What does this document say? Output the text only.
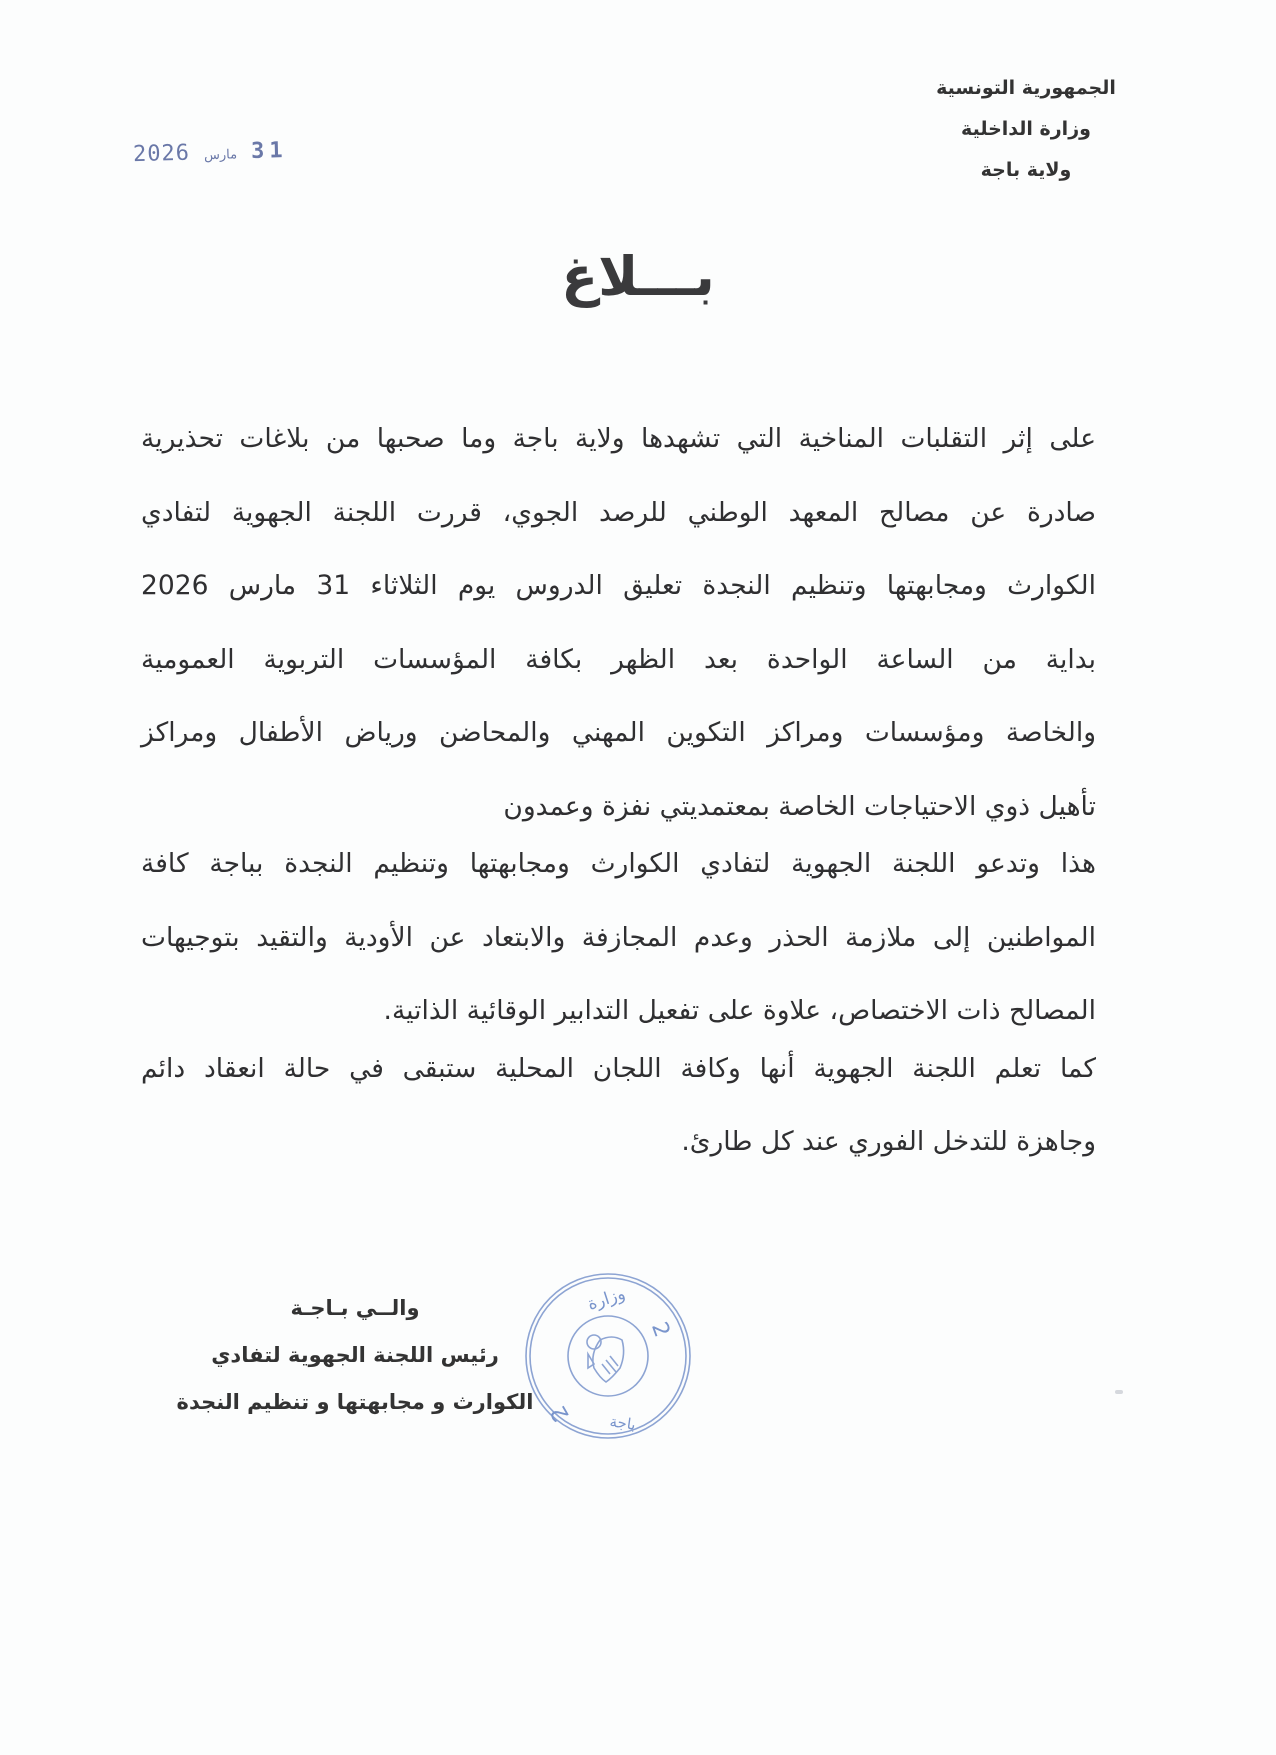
الجمهورية التونسية
وزارة الداخلية
ولاية باجة
2026 مارس 31
بـــلاغ
على إثر التقلبات المناخية التي تشهدها ولاية باجة وما صحبها من بلاغات تحذيرية
صادرة عن مصالح المعهد الوطني للرصد الجوي، قررت اللجنة الجهوية لتفادي
الكوارث ومجابهتها وتنظيم النجدة تعليق الدروس يوم الثلاثاء 31 مارس 2026
بداية من الساعة الواحدة بعد الظهر بكافة المؤسسات التربوية العمومية
والخاصة ومؤسسات ومراكز التكوين المهني والمحاضن ورياض الأطفال ومراكز
تأهيل ذوي الاحتياجات الخاصة بمعتمديتي نفزة وعمدون
هذا وتدعو اللجنة الجهوية لتفادي الكوارث ومجابهتها وتنظيم النجدة بباجة كافة
المواطنين إلى ملازمة الحذر وعدم المجازفة والابتعاد عن الأودية والتقيد بتوجيهات
المصالح ذات الاختصاص، علاوة على تفعيل التدابير الوقائية الذاتية.
كما تعلم اللجنة الجهوية أنها وكافة اللجان المحلية ستبقى في حالة انعقاد دائم
وجاهزة للتدخل الفوري عند كل طارئ.
والــي بـاجـة
رئيس اللجنة الجهوية لتفادي
الكوارث و مجابهتها و تنظيم النجدة
وزارة
2
2 باجة
